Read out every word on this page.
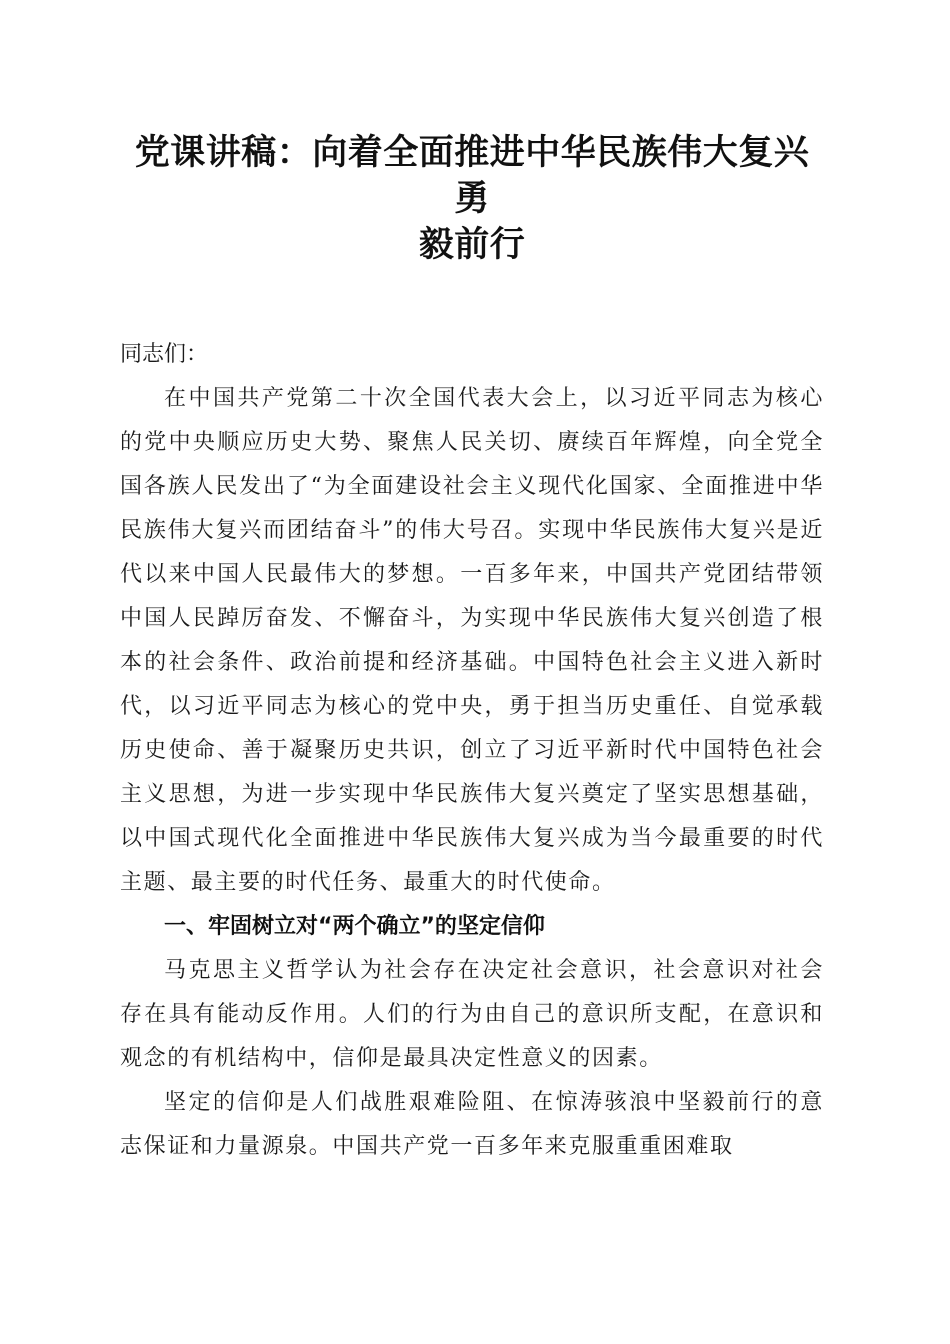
党课讲稿：向着全面推进中华民族伟大复兴勇
毅前行

同志们：

在中国共产党第二十次全国代表大会上，以习近平同志为核心的党中央顺应历史大势、聚焦人民关切、赓续百年辉煌，向全党全国各族人民发出了“为全面建设社会主义现代化国家、全面推进中华民族伟大复兴而团结奋斗”的伟大号召。实现中华民族伟大复兴是近代以来中国人民最伟大的梦想。一百多年来，中国共产党团结带领中国人民踔厉奋发、不懈奋斗，为实现中华民族伟大复兴创造了根本的社会条件、政治前提和经济基础。中国特色社会主义进入新时代，以习近平同志为核心的党中央，勇于担当历史重任、自觉承载历史使命、善于凝聚历史共识，创立了习近平新时代中国特色社会主义思想，为进一步实现中华民族伟大复兴奠定了坚实思想基础，以中国式现代化全面推进中华民族伟大复兴成为当今最重要的时代主题、最主要的时代任务、最重大的时代使命。

一、牢固树立对“两个确立”的坚定信仰

马克思主义哲学认为社会存在决定社会意识，社会意识对社会存在具有能动反作用。人们的行为由自己的意识所支配，在意识和观念的有机结构中，信仰是最具决定性意义的因素。

坚定的信仰是人们战胜艰难险阻、在惊涛骇浪中坚毅前行的意志保证和力量源泉。中国共产党一百多年来克服重重困难取
